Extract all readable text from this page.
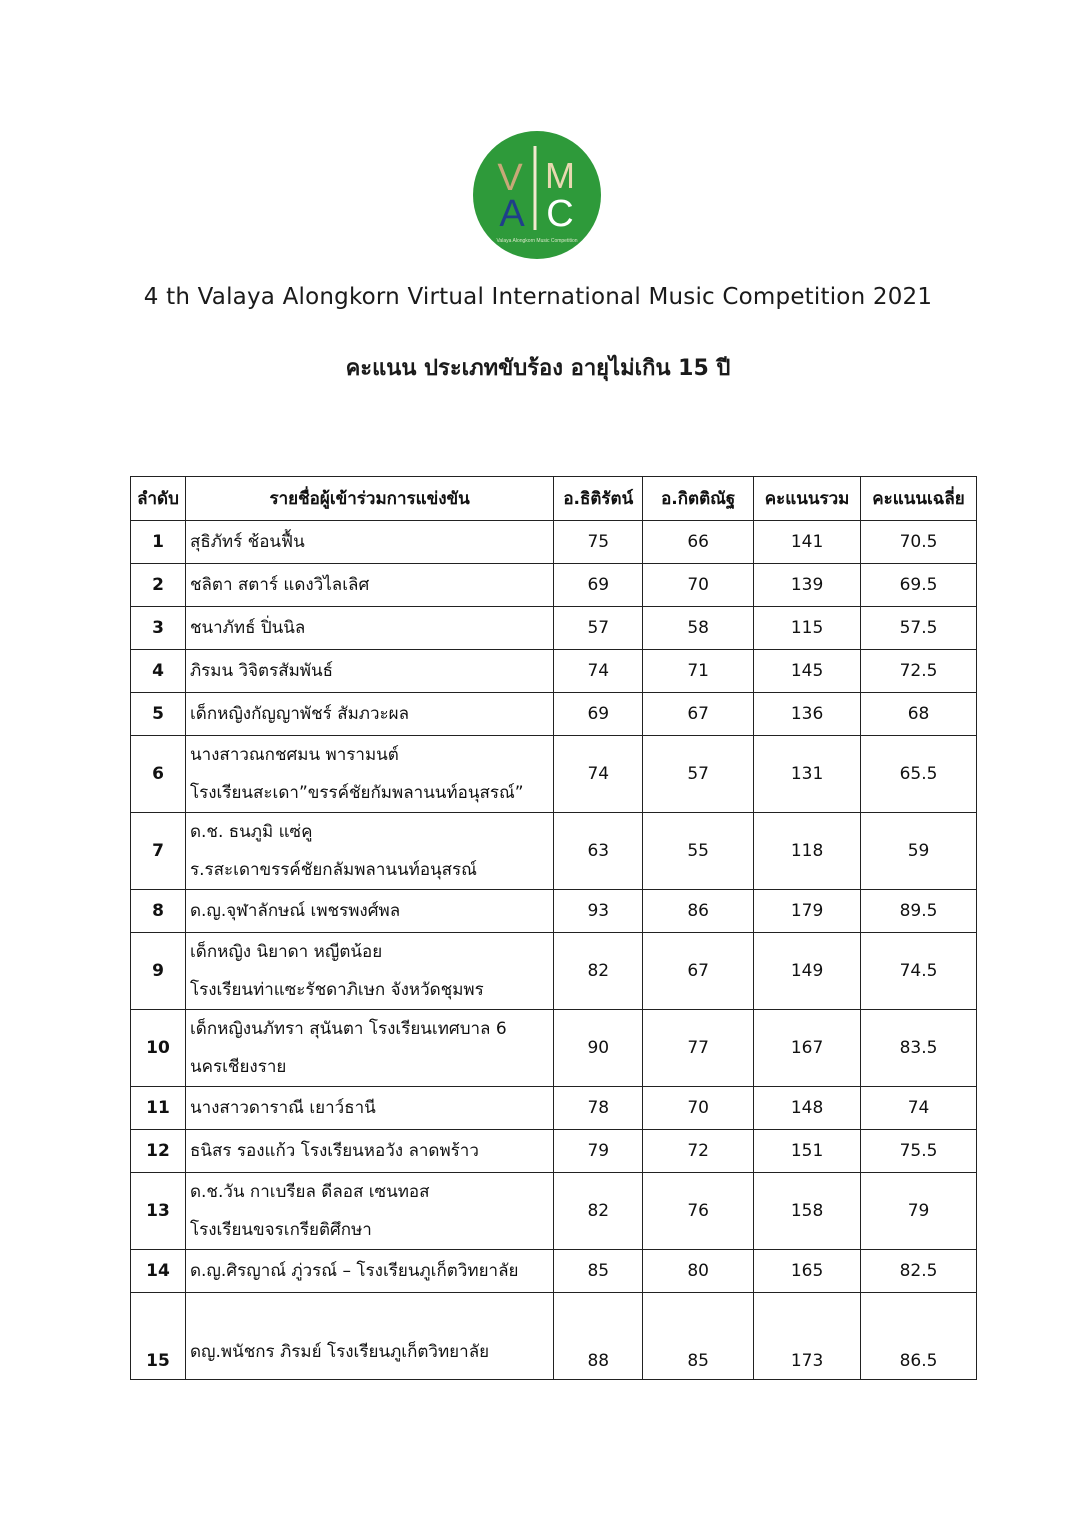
V M
A C
Valaya Alongkorn Music Competition
4 th Valaya Alongkorn Virtual International Music Competition 2021
คะแนน ประเภทขับร้อง อายุไม่เกิน 15 ปี
ลำดับ	รายชื่อผู้เข้าร่วมการแข่งขัน	อ.ธิติรัตน์	อ.กิตติณัฐ	คะแนนรวม	คะแนนเฉลี่ย
1	สุธิภัทร์ ช้อนฟื้น	75	66	141	70.5
2	ชลิตา สตาร์ แดงวิไลเลิศ	69	70	139	69.5
3	ชนาภัทธ์ ปิ่นนิล	57	58	115	57.5
4	ภิรมน วิจิตรสัมพันธ์	74	71	145	72.5
5	เด็กหญิงกัญญาพัชร์ สัมภวะผล	69	67	136	68
6	นางสาวณกชศมน พารามนต์
โรงเรียนสะเดา”ขรรค์ชัยกัมพลานนท์อนุสรณ์”	74	57	131	65.5
7	ด.ช. ธนภูมิ แซ่คู
ร.รสะเดาขรรค์ชัยกลัมพลานนท์อนุสรณ์	63	55	118	59
8	ด.ญ.จุฬาลักษณ์ เพชรพงศ์พล	93	86	179	89.5
9	เด็กหญิง นิยาดา หญีตน้อย
โรงเรียนท่าแซะรัชดาภิเษก จังหวัดชุมพร	82	67	149	74.5
10	เด็กหญิงนภัทรา สุนันตา โรงเรียนเทศบาล 6
นครเชียงราย	90	77	167	83.5
11	นางสาวดาราณี เยาว์ธานี	78	70	148	74
12	ธนิสร รองแก้ว โรงเรียนหอวัง ลาดพร้าว	79	72	151	75.5
13	ด.ช.วัน กาเบรียล ดีลอส เซนทอส
โรงเรียนขจรเกรียติศึกษา	82	76	158	79
14	ด.ญ.ศิรญาณ์ ภู่วรณ์ – โรงเรียนภูเก็ตวิทยาลัย	85	80	165	82.5
15	ดญ.พนัชกร ภิรมย์ โรงเรียนภูเก็ตวิทยาลัย	88	85	173	86.5
